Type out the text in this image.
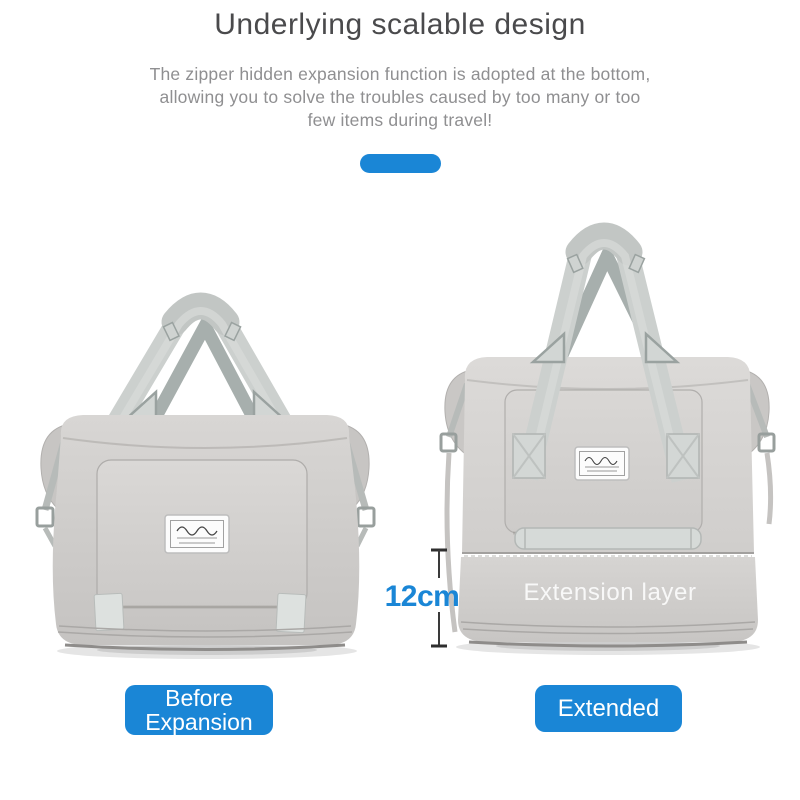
Underlying scalable design
The zipper hidden expansion function is adopted at the bottom,
allowing you to solve the troubles caused by too many or too
few items during travel!
Extension layer
12cm
Before
Expansion
Extended
